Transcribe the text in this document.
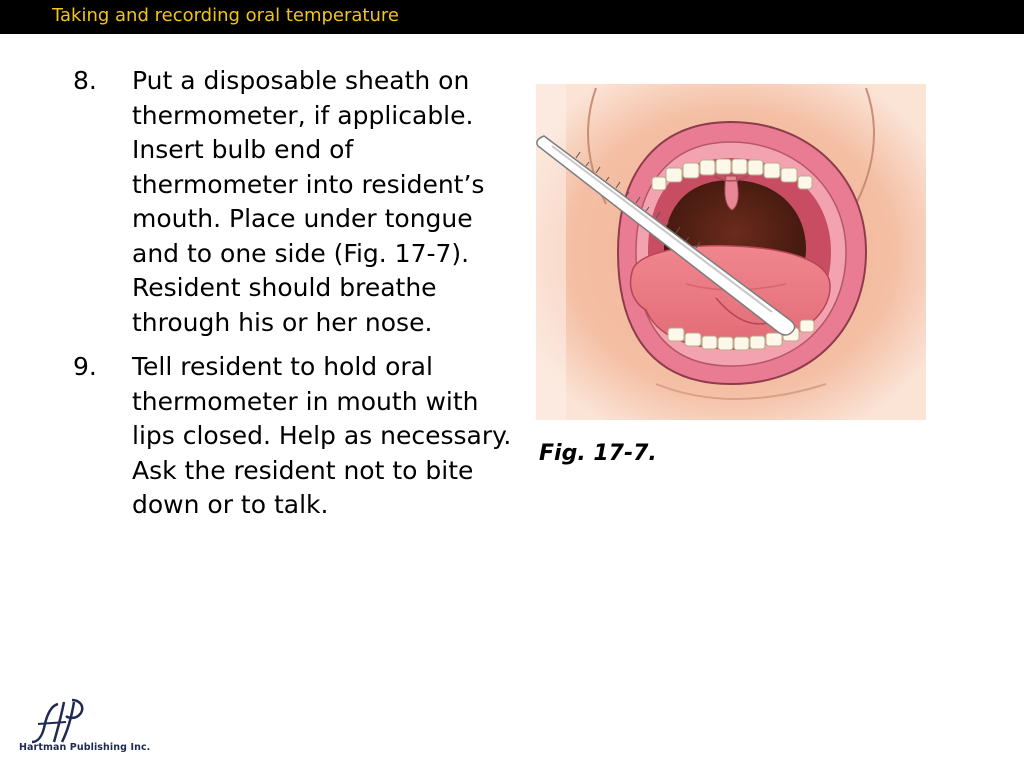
Taking and recording oral temperature
8. Put a disposable sheath on thermometer, if applicable. Insert bulb end of thermometer into resident’s mouth. Place under tongue and to one side (Fig. 17-7). Resident should breathe through his or her nose.
9. Tell resident to hold oral thermometer in mouth with lips closed. Help as necessary. Ask the resident not to bite down or to talk.
Fig. 17-7.
Hartman Publishing Inc.
